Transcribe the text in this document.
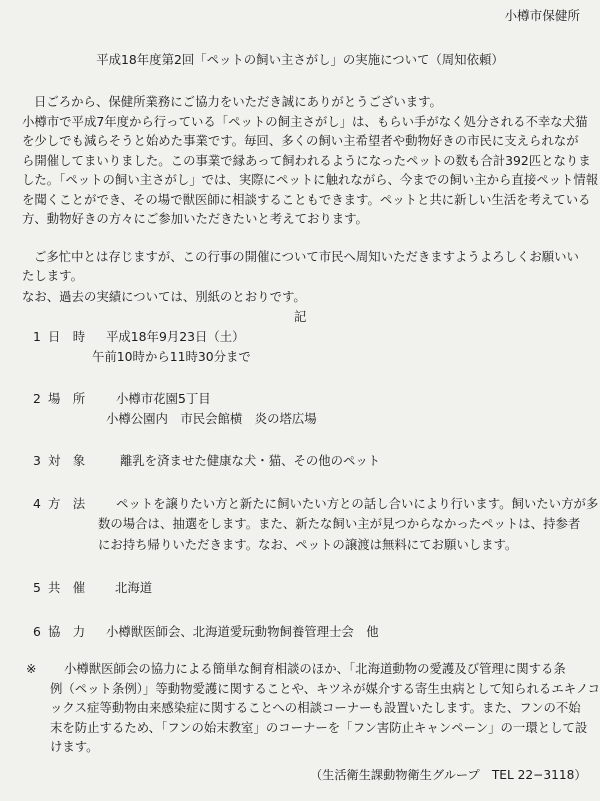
小樽市保健所
平成18年度第2回「ペットの飼い主さがし」の実施について（周知依頼）
日ごろから、保健所業務にご協力をいただき誠にありがとうございます。
小樽市で平成7年度から行っている「ペットの飼主さがし」は、もらい手がなく処分される不幸な犬猫
を少しでも減らそうと始めた事業です。毎回、多くの飼い主希望者や動物好きの市民に支えられなが
ら開催してまいりました。この事業で縁あって飼われるようになったペットの数も合計392匹となりま
した。「ペットの飼い主さがし」では、実際にペットに触れながら、今までの飼い主から直接ペット情報
を聞くことができ、その場で獣医師に相談することもできます。ペットと共に新しい生活を考えている
方、動物好きの方々にご参加いただきたいと考えております。
ご多忙中とは存じますが、この行事の開催について市民へ周知いただきますようよろしくお願いい
たします。
なお、過去の実績については、別紙のとおりです。
記
1 日　時 平成18年9月23日（土）
午前10時から11時30分まで
2 場　所 小樽市花園5丁目
小樽公園内　市民会館横　炎の塔広場
3 対　象	離乳を済ませた健康な犬・猫、その他のペット
4 方　法 ペットを譲りたい方と新たに飼いたい方との話し合いにより行います。飼いたい方が多
数の場合は、抽選をします。また、新たな飼い主が見つからなかったペットは、持参者
にお持ち帰りいただきます。なお、ペットの譲渡は無料にてお願いします。
5 共　催 北海道
6 協　力 小樽獣医師会、北海道愛玩動物飼養管理士会　他
※ 小樽獣医師会の協力による簡単な飼育相談のほか、「北海道動物の愛護及び管理に関する条
例（ペット条例）」等動物愛護に関することや、キツネが媒介する寄生虫病として知られるエキノコ
ックス症等動物由来感染症に関することへの相談コーナーも設置いたします。また、フンの不始
末を防止するため、「フンの始末教室」のコーナーを「フン害防止キャンペーン」の一環として設
けます。
（生活衛生課動物衛生グループ　TEL 22−3118）
